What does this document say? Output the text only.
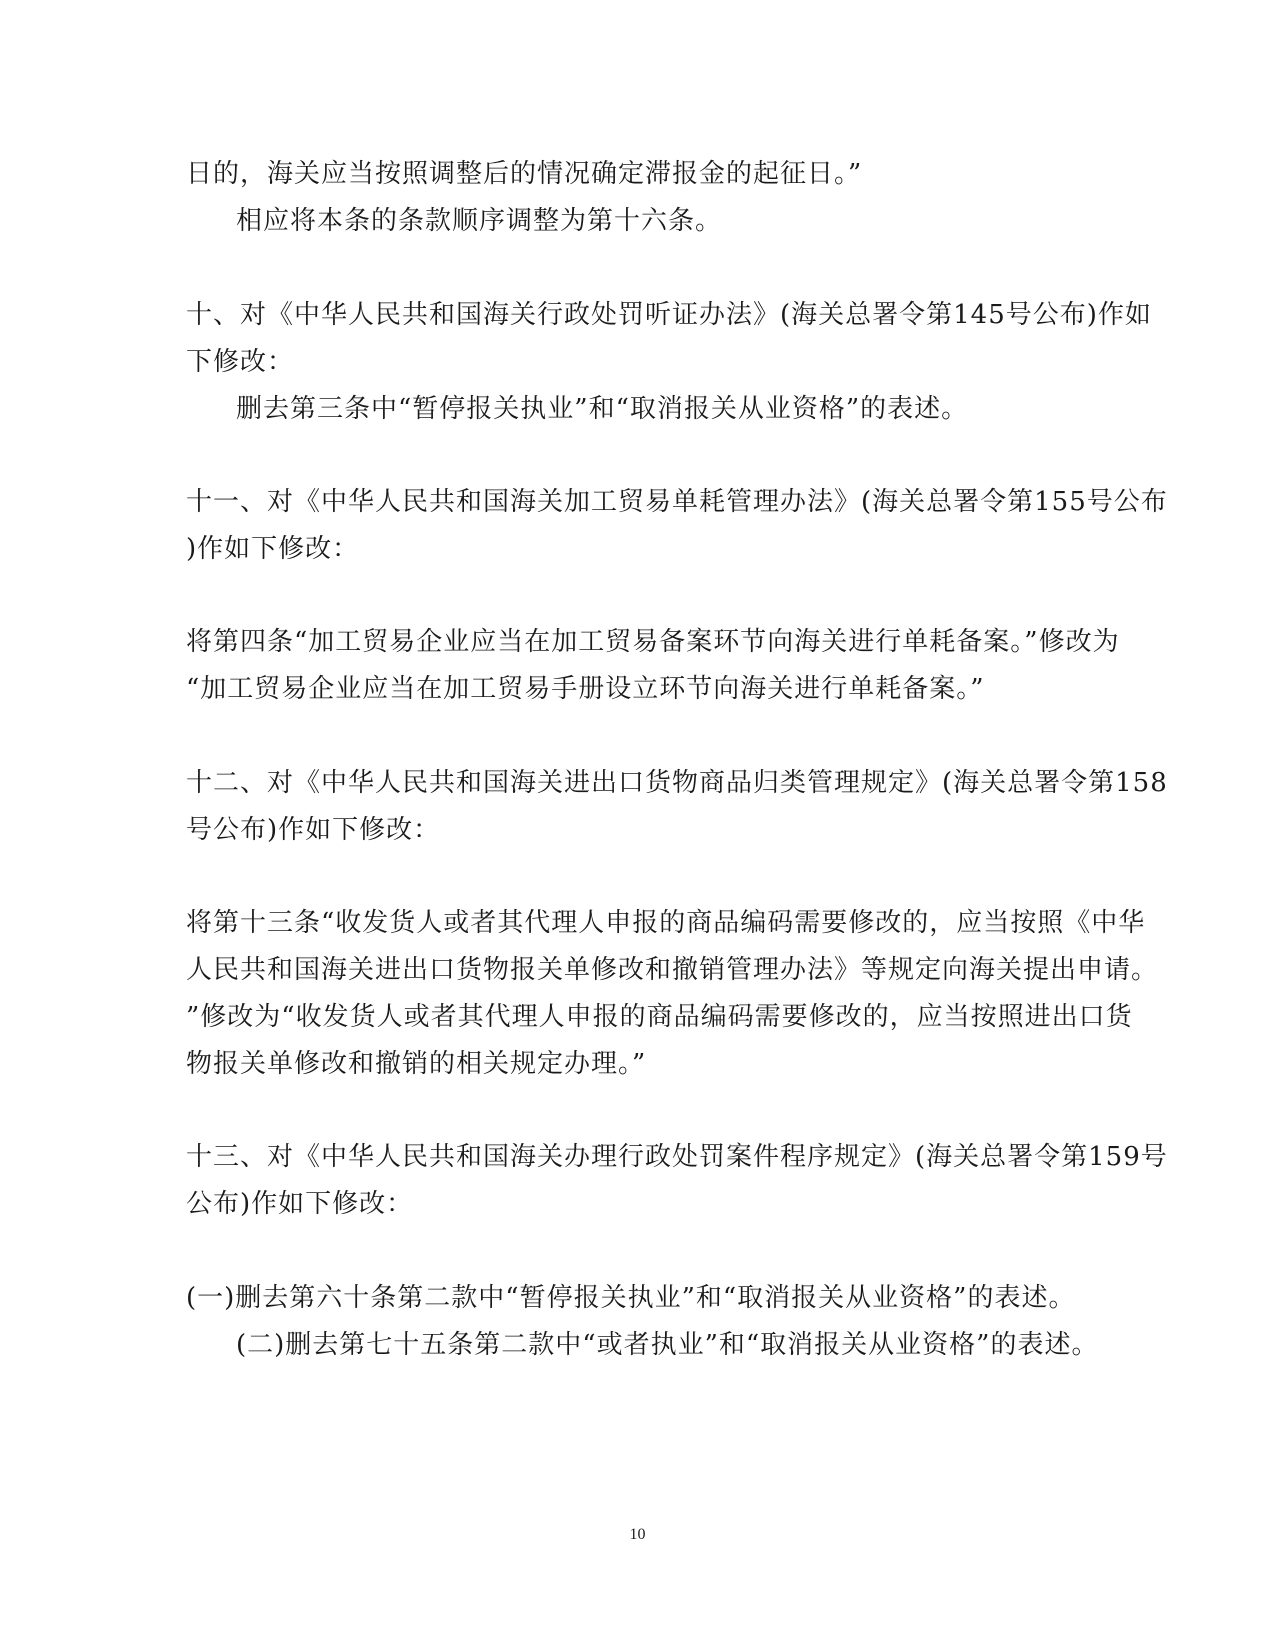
日的，海关应当按照调整后的情况确定滞报金的起征日。”
相应将本条的条款顺序调整为第十六条。
十、对《中华人民共和国海关行政处罚听证办法》(海关总署令第145号公布)作如
下修改：
删去第三条中“暂停报关执业”和“取消报关从业资格”的表述。
十一、对《中华人民共和国海关加工贸易单耗管理办法》(海关总署令第155号公布
)作如下修改：
将第四条“加工贸易企业应当在加工贸易备案环节向海关进行单耗备案。”修改为
“加工贸易企业应当在加工贸易手册设立环节向海关进行单耗备案。”
十二、对《中华人民共和国海关进出口货物商品归类管理规定》(海关总署令第158
号公布)作如下修改：
将第十三条“收发货人或者其代理人申报的商品编码需要修改的，应当按照《中华
人民共和国海关进出口货物报关单修改和撤销管理办法》等规定向海关提出申请。
”修改为“收发货人或者其代理人申报的商品编码需要修改的，应当按照进出口货
物报关单修改和撤销的相关规定办理。”
十三、对《中华人民共和国海关办理行政处罚案件程序规定》(海关总署令第159号
公布)作如下修改：
(一)删去第六十条第二款中“暂停报关执业”和“取消报关从业资格”的表述。
(二)删去第七十五条第二款中“或者执业”和“取消报关从业资格”的表述。
10
